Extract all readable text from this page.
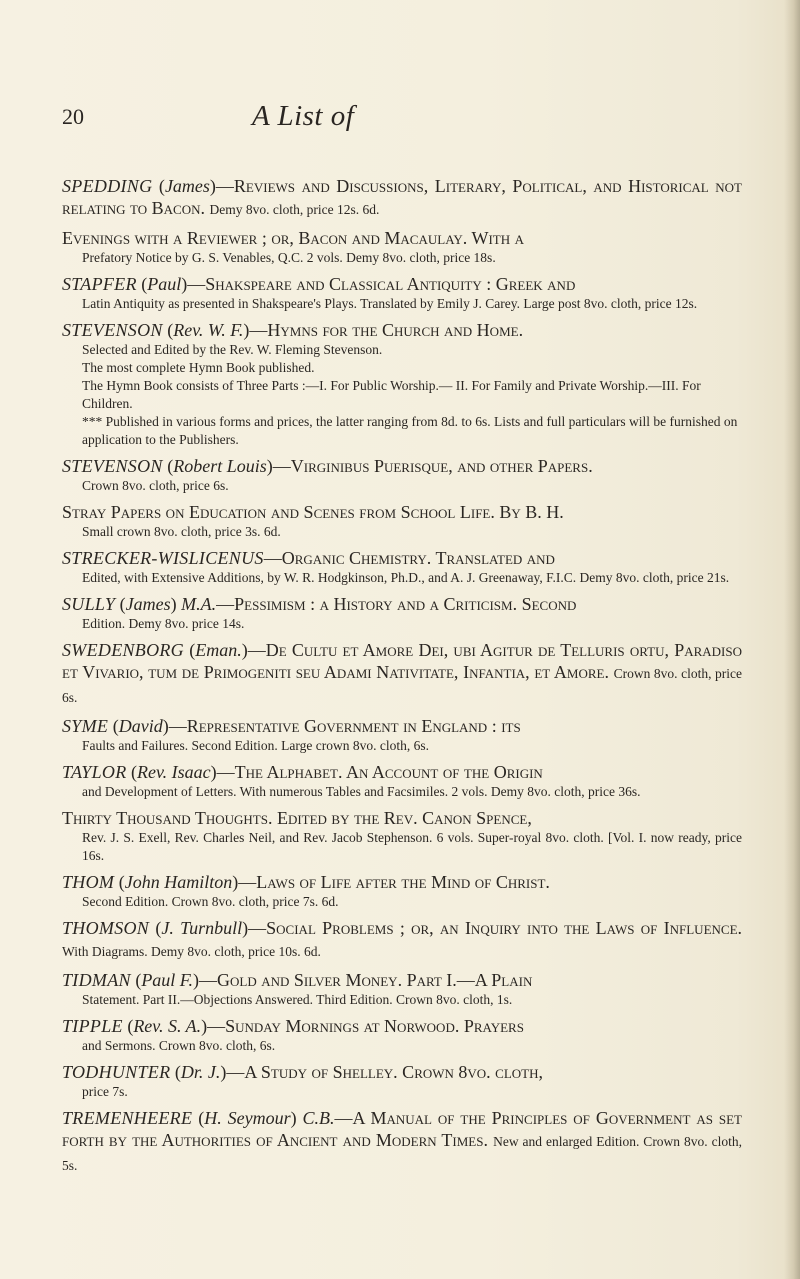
20	A List of
SPEDDING (James)—Reviews and Discussions, Literary, Political, and Historical not relating to Bacon. Demy 8vo. cloth, price 12s. 6d.
Evenings with a Reviewer ; or, Bacon and Macaulay. With a
Prefatory Notice by G. S. Venables, Q.C. 2 vols. Demy 8vo. cloth, price 18s.
STAPFER (Paul)—Shakspeare and Classical Antiquity : Greek and
Latin Antiquity as presented in Shakspeare's Plays. Translated by Emily J. Carey. Large post 8vo. cloth, price 12s.
STEVENSON (Rev. W. F.)—Hymns for the Church and Home.
Selected and Edited by the Rev. W. Fleming Stevenson.
The most complete Hymn Book published.
The Hymn Book consists of Three Parts :—I. For Public Worship.— II. For Family and Private Worship.—III. For Children.
*** Published in various forms and prices, the latter ranging from 8d. to 6s. Lists and full particulars will be furnished on application to the Publishers.
STEVENSON (Robert Louis)—Virginibus Puerisque, and other Papers.
Crown 8vo. cloth, price 6s.
Stray Papers on Education and Scenes from School Life. By B. H.
Small crown 8vo. cloth, price 3s. 6d.
STRECKER-WISLICENUS—Organic Chemistry. Translated and
Edited, with Extensive Additions, by W. R. Hodgkinson, Ph.D., and A. J. Greenaway, F.I.C. Demy 8vo. cloth, price 21s.
SULLY (James) M.A.—Pessimism : a History and a Criticism. Second
Edition. Demy 8vo. price 14s.
SWEDENBORG (Eman.)—De Cultu et Amore Dei, ubi Agitur de Telluris ortu, Paradiso et Vivario, tum de Primogeniti seu Adami Nativitate, Infantia, et Amore. Crown 8vo. cloth, price 6s.
SYME (David)—Representative Government in England : its
Faults and Failures. Second Edition. Large crown 8vo. cloth, 6s.
TAYLOR (Rev. Isaac)—The Alphabet. An Account of the Origin
and Development of Letters. With numerous Tables and Facsimiles. 2 vols. Demy 8vo. cloth, price 36s.
Thirty Thousand Thoughts. Edited by the Rev. Canon Spence,
Rev. J. S. Exell, Rev. Charles Neil, and Rev. Jacob Stephenson. 6 vols. Super-royal 8vo. cloth. [Vol. I. now ready, price 16s.
THOM (John Hamilton)—Laws of Life after the Mind of Christ.
Second Edition. Crown 8vo. cloth, price 7s. 6d.
THOMSON (J. Turnbull)—Social Problems ; or, an Inquiry into the Laws of Influence. With Diagrams. Demy 8vo. cloth, price 10s. 6d.
TIDMAN (Paul F.)—Gold and Silver Money. Part I.—A Plain
Statement. Part II.—Objections Answered. Third Edition. Crown 8vo. cloth, 1s.
TIPPLE (Rev. S. A.)—Sunday Mornings at Norwood. Prayers
and Sermons. Crown 8vo. cloth, 6s.
TODHUNTER (Dr. J.)—A Study of Shelley. Crown 8vo. cloth,
price 7s.
TREMENHEERE (H. Seymour) C.B.—A Manual of the Principles of Government as set forth by the Authorities of Ancient and Modern Times. New and enlarged Edition. Crown 8vo. cloth, 5s.
